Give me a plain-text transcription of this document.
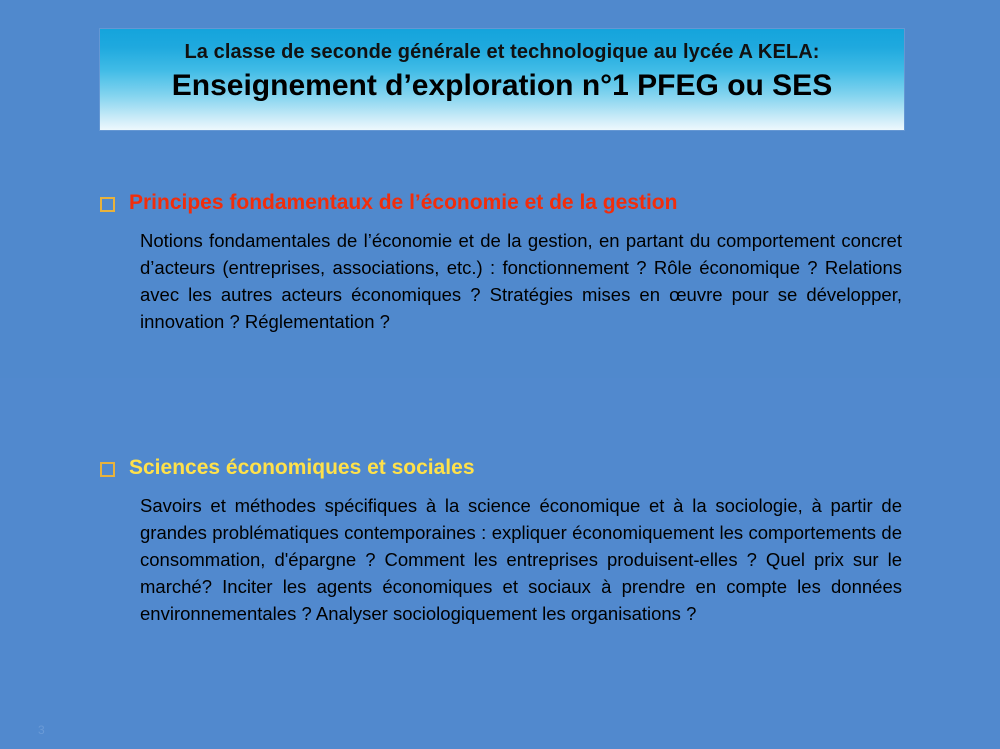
La classe de seconde générale et technologique au lycée A KELA:
Enseignement d’exploration n°1 PFEG ou SES
Principes fondamentaux de l’économie et de la gestion
Notions fondamentales de l’économie et de la gestion, en partant du comportement concret d’acteurs (entreprises, associations, etc.) : fonctionnement ? Rôle économique ? Relations avec les autres acteurs économiques ? Stratégies mises en œuvre pour se développer, innovation ? Réglementation ?
Sciences économiques et sociales
Savoirs et méthodes spécifiques à la science économique et à la sociologie, à partir de grandes problématiques contemporaines : expliquer économiquement les comportements de consommation, d'épargne ? Comment les entreprises produisent-elles ? Quel prix sur le marché? Inciter les agents économiques et sociaux à prendre en compte les données environnementales ? Analyser sociologiquement les organisations ?
3
